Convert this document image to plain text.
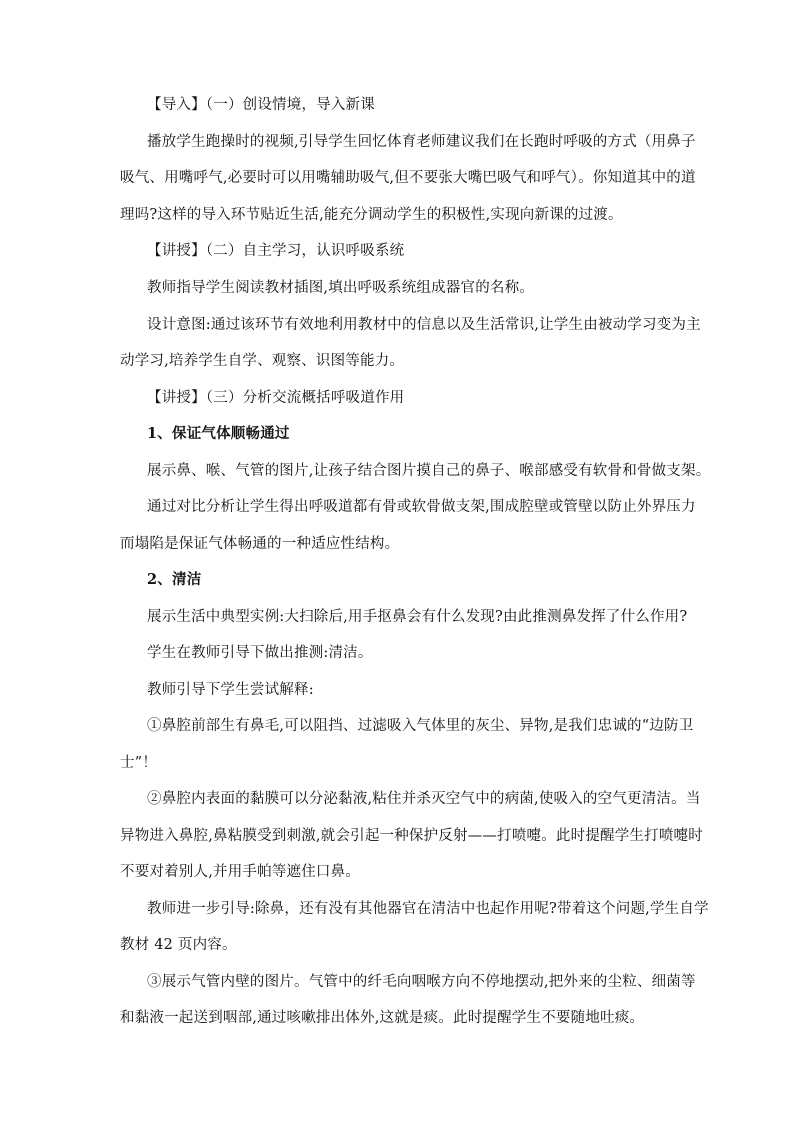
【导入】（一）创设情境，导入新课
播放学生跑操时的视频,引导学生回忆体育老师建议我们在长跑时呼吸的方式（用鼻子
吸气、用嘴呼气,必要时可以用嘴辅助吸气,但不要张大嘴巴吸气和呼气）。你知道其中的道
理吗?这样的导入环节贴近生活,能充分调动学生的积极性,实现向新课的过渡。
【讲授】（二）自主学习，认识呼吸系统
教师指导学生阅读教材插图,填出呼吸系统组成器官的名称。
设计意图:通过该环节有效地利用教材中的信息以及生活常识,让学生由被动学习变为主
动学习,培养学生自学、观察、识图等能力。
【讲授】（三）分析交流概括呼吸道作用
1、保证气体顺畅通过
展示鼻、喉、气管的图片,让孩子结合图片摸自己的鼻子、喉部感受有软骨和骨做支架。
通过对比分析让学生得出呼吸道都有骨或软骨做支架,围成腔壁或管壁以防止外界压力
而塌陷是保证气体畅通的一种适应性结构。
2、清洁
展示生活中典型实例:大扫除后,用手抠鼻会有什么发现?由此推测鼻发挥了什么作用?
学生在教师引导下做出推测:清洁。
教师引导下学生尝试解释:
①鼻腔前部生有鼻毛,可以阻挡、过滤吸入气体里的灰尘、异物,是我们忠诚的“边防卫
士”！
②鼻腔内表面的黏膜可以分泌黏液,粘住并杀灭空气中的病菌,使吸入的空气更清洁。当
异物进入鼻腔,鼻粘膜受到刺激,就会引起一种保护反射——打喷嚏。此时提醒学生打喷嚏时
不要对着别人,并用手帕等遮住口鼻。
教师进一步引导:除鼻，还有没有其他器官在清洁中也起作用呢?带着这个问题,学生自学
教材 42 页内容。
③展示气管内壁的图片。气管中的纤毛向咽喉方向不停地摆动,把外来的尘粒、细菌等
和黏液一起送到咽部,通过咳嗽排出体外,这就是痰。此时提醒学生不要随地吐痰。
